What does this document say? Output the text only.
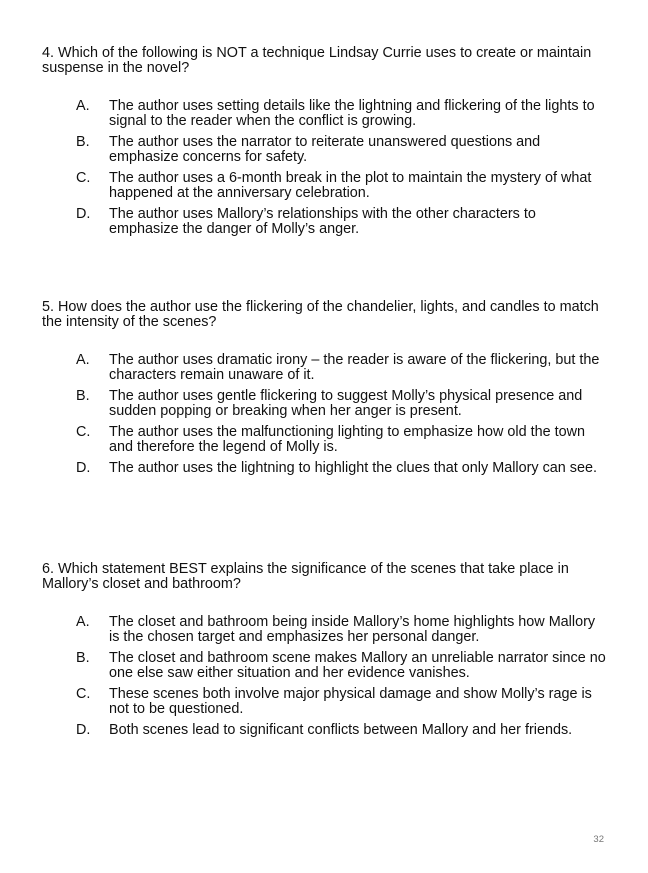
4. Which of the following is NOT a technique Lindsay Currie uses to create or maintain suspense in the novel?

A. The author uses setting details like the lightning and flickering of the lights to signal to the reader when the conflict is growing.
B. The author uses the narrator to reiterate unanswered questions and emphasize concerns for safety.
C. The author uses a 6-month break in the plot to maintain the mystery of what happened at the anniversary celebration.
D. The author uses Mallory’s relationships with the other characters to emphasize the danger of Molly’s anger.

5. How does the author use the flickering of the chandelier, lights, and candles to match the intensity of the scenes?

A. The author uses dramatic irony – the reader is aware of the flickering, but the characters remain unaware of it.
B. The author uses gentle flickering to suggest Molly’s physical presence and sudden popping or breaking when her anger is present.
C. The author uses the malfunctioning lighting to emphasize how old the town and therefore the legend of Molly is.
D. The author uses the lightning to highlight the clues that only Mallory can see.

6. Which statement BEST explains the significance of the scenes that take place in Mallory’s closet and bathroom?

A. The closet and bathroom being inside Mallory’s home highlights how Mallory is the chosen target and emphasizes her personal danger.
B. The closet and bathroom scene makes Mallory an unreliable narrator since no one else saw either situation and her evidence vanishes.
C. These scenes both involve major physical damage and show Molly’s rage is not to be questioned.
D. Both scenes lead to significant conflicts between Mallory and her friends.
32
